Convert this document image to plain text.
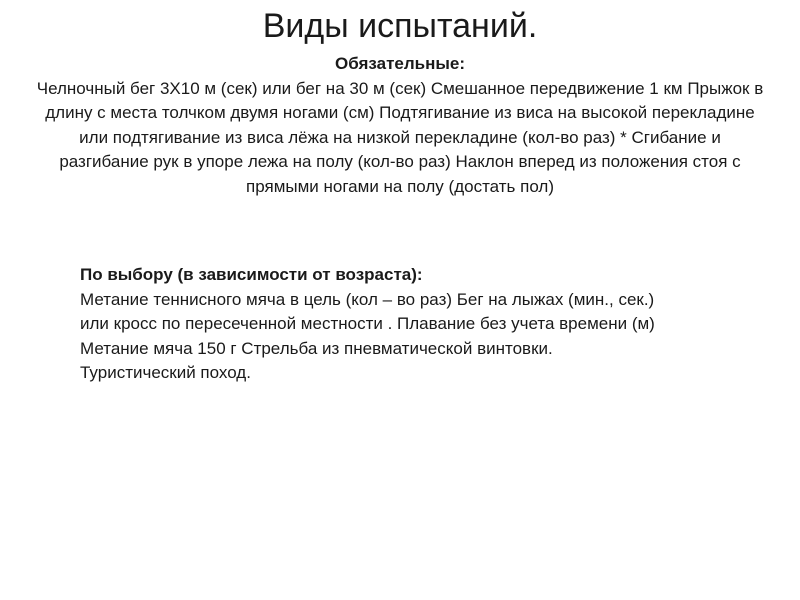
Виды испытаний.
Обязательные:
Челночный бег 3Х10 м (сек) или бег на 30 м (сек) Смешанное передвижение 1 км Прыжок в длину с места толчком двумя ногами (см) Подтягивание из виса на высокой перекладине или подтягивание из виса лёжа на низкой перекладине (кол-во раз) * Сгибание и разгибание рук в упоре лежа на полу (кол-во раз) Наклон вперед из положения стоя с прямыми ногами на полу (достать пол)
По выбору (в зависимости от возраста):
Метание теннисного мяча в цель (кол – во раз) Бег на лыжах (мин., сек.) или кросс по пересеченной местности . Плавание без учета времени (м) Метание мяча 150 г Стрельба из пневматической винтовки. Туристический поход.
